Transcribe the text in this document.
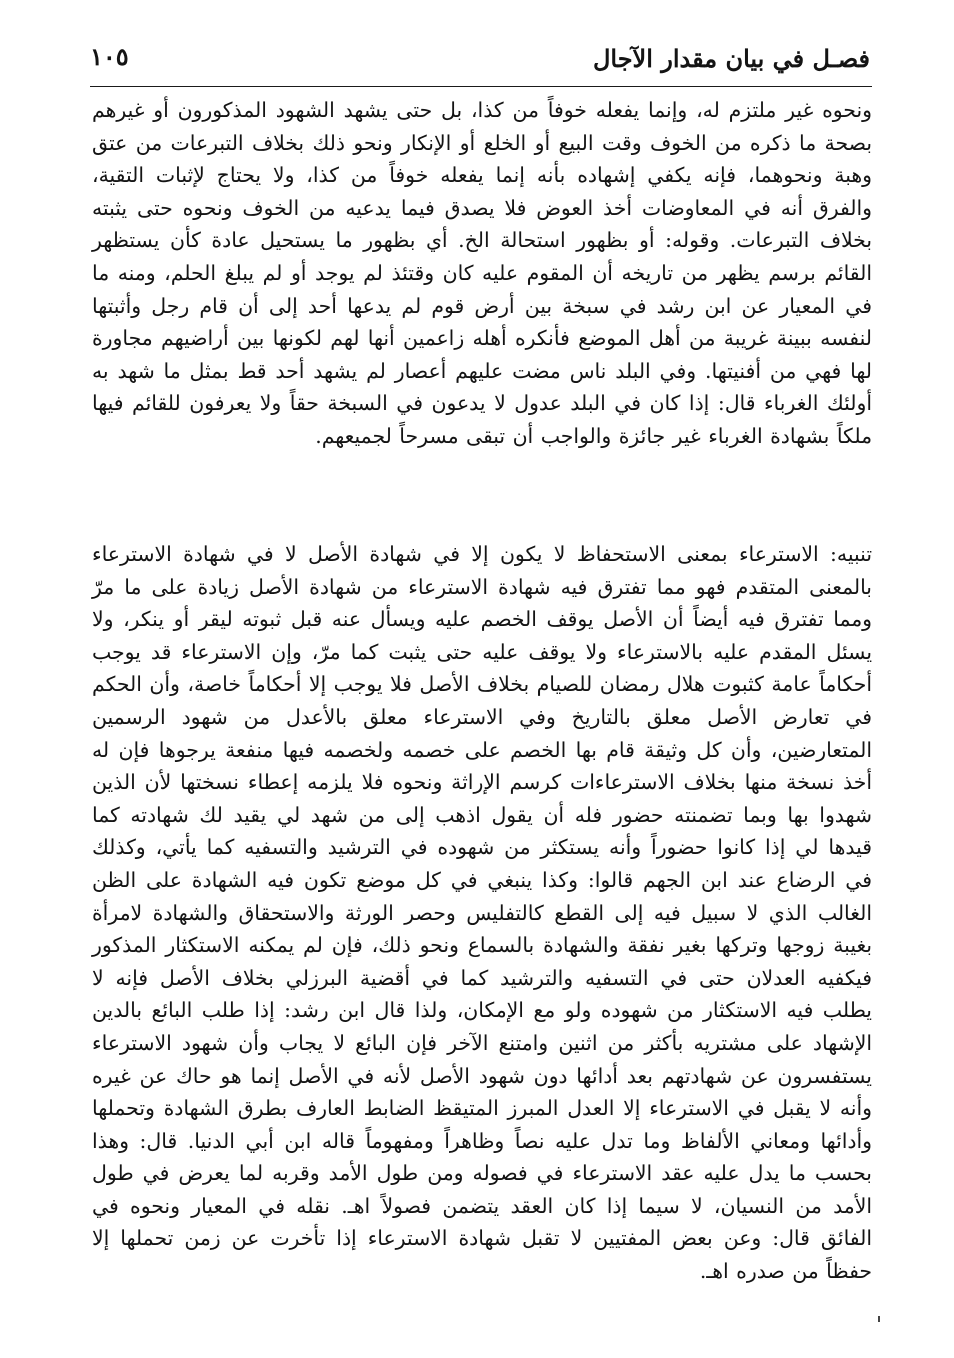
فصـل في بيان مقدار الآجال
١٠٥
ونحوه غير ملتزم له، وإنما يفعله خوفاً من كذا، بل حتى يشهد الشهود المذكورون أو غيرهم بصحة ما ذكره من الخوف وقت البيع أو الخلع أو الإنكار ونحو ذلك بخلاف التبرعات من عتق وهبة ونحوهما، فإنه يكفي إشهاده بأنه إنما يفعله خوفاً من كذا، ولا يحتاج لإثبات التقية، والفرق أنه في المعاوضات أخذ العوض فلا يصدق فيما يدعيه من الخوف ونحوه حتى يثبته بخلاف التبرعات. وقوله: أو بظهور استحالة الخ. أي بظهور ما يستحيل عادة كأن يستظهر القائم برسم يظهر من تاريخه أن المقوم عليه كان وقتئذ لم يوجد أو لم يبلغ الحلم، ومنه ما في المعيار عن ابن رشد في سبخة بين أرض قوم لم يدعها أحد إلى أن قام رجل وأثبتها لنفسه ببينة غريبة من أهل الموضع فأنكره أهله زاعمين أنها لهم لكونها بين أراضيهم مجاورة لها فهي من أفنيتها. وفي البلد ناس مضت عليهم أعصار لم يشهد أحد قط بمثل ما شهد به أولئك الغرباء قال: إذا كان في البلد عدول لا يدعون في السبخة حقاً ولا يعرفون للقائم فيها ملكاً بشهادة الغرباء غير جائزة والواجب أن تبقى مسرحاً لجميعهم.
تنبيه: الاسترعاء بمعنى الاستحفاظ لا يكون إلا في شهادة الأصل لا في شهادة الاسترعاء بالمعنى المتقدم فهو مما تفترق فيه شهادة الاسترعاء من شهادة الأصل زيادة على ما مرّ ومما تفترق فيه أيضاً أن الأصل يوقف الخصم عليه ويسأل عنه قبل ثبوته ليقر أو ينكر، ولا يسئل المقدم عليه بالاسترعاء ولا يوقف عليه حتى يثبت كما مرّ، وإن الاسترعاء قد يوجب أحكاماً عامة كثبوت هلال رمضان للصيام بخلاف الأصل فلا يوجب إلا أحكاماً خاصة، وأن الحكم في تعارض الأصل معلق بالتاريخ وفي الاسترعاء معلق بالأعدل من شهود الرسمين المتعارضين، وأن كل وثيقة قام بها الخصم على خصمه ولخصمه فيها منفعة يرجوها فإن له أخذ نسخة منها بخلاف الاسترعاءات كرسم الإراثة ونحوه فلا يلزمه إعطاء نسختها لأن الذين شهدوا بها وبما تضمنته حضور فله أن يقول اذهب إلى من شهد لي يقيد لك شهادته كما قيدها لي إذا كانوا حضوراً وأنه يستكثر من شهوده في الترشيد والتسفيه كما يأتي، وكذلك في الرضاع عند ابن الجهم قالوا: وكذا ينبغي في كل موضع تكون فيه الشهادة على الظن الغالب الذي لا سبيل فيه إلى القطع كالتفليس وحصر الورثة والاستحقاق والشهادة لامرأة بغيبة زوجها وتركها بغير نفقة والشهادة بالسماع ونحو ذلك، فإن لم يمكنه الاستكثار المذكور فيكفيه العدلان حتى في التسفيه والترشيد كما في أقضية البرزلي بخلاف الأصل فإنه لا يطلب فيه الاستكثار من شهوده ولو مع الإمكان، ولذا قال ابن رشد: إذا طلب البائع بالدين الإشهاد على مشتريه بأكثر من اثنين وامتنع الآخر فإن البائع لا يجاب وأن شهود الاسترعاء يستفسرون عن شهادتهم بعد أدائها دون شهود الأصل لأنه في الأصل إنما هو حاك عن غيره وأنه لا يقبل في الاسترعاء إلا العدل المبرز المتيقظ الضابط العارف بطرق الشهادة وتحملها وأدائها ومعاني الألفاظ وما تدل عليه نصاً وظاهراً ومفهوماً قاله ابن أبي الدنيا. قال: وهذا بحسب ما يدل عليه عقد الاسترعاء في فصوله ومن طول الأمد وقربه لما يعرض في طول الأمد من النسيان، لا سيما إذا كان العقد يتضمن فصولاً اهـ. نقله في المعيار ونحوه في الفائق قال: وعن بعض المفتيين لا تقبل شهادة الاسترعاء إذا تأخرت عن زمن تحملها إلا حفظاً من صدره اهـ.
